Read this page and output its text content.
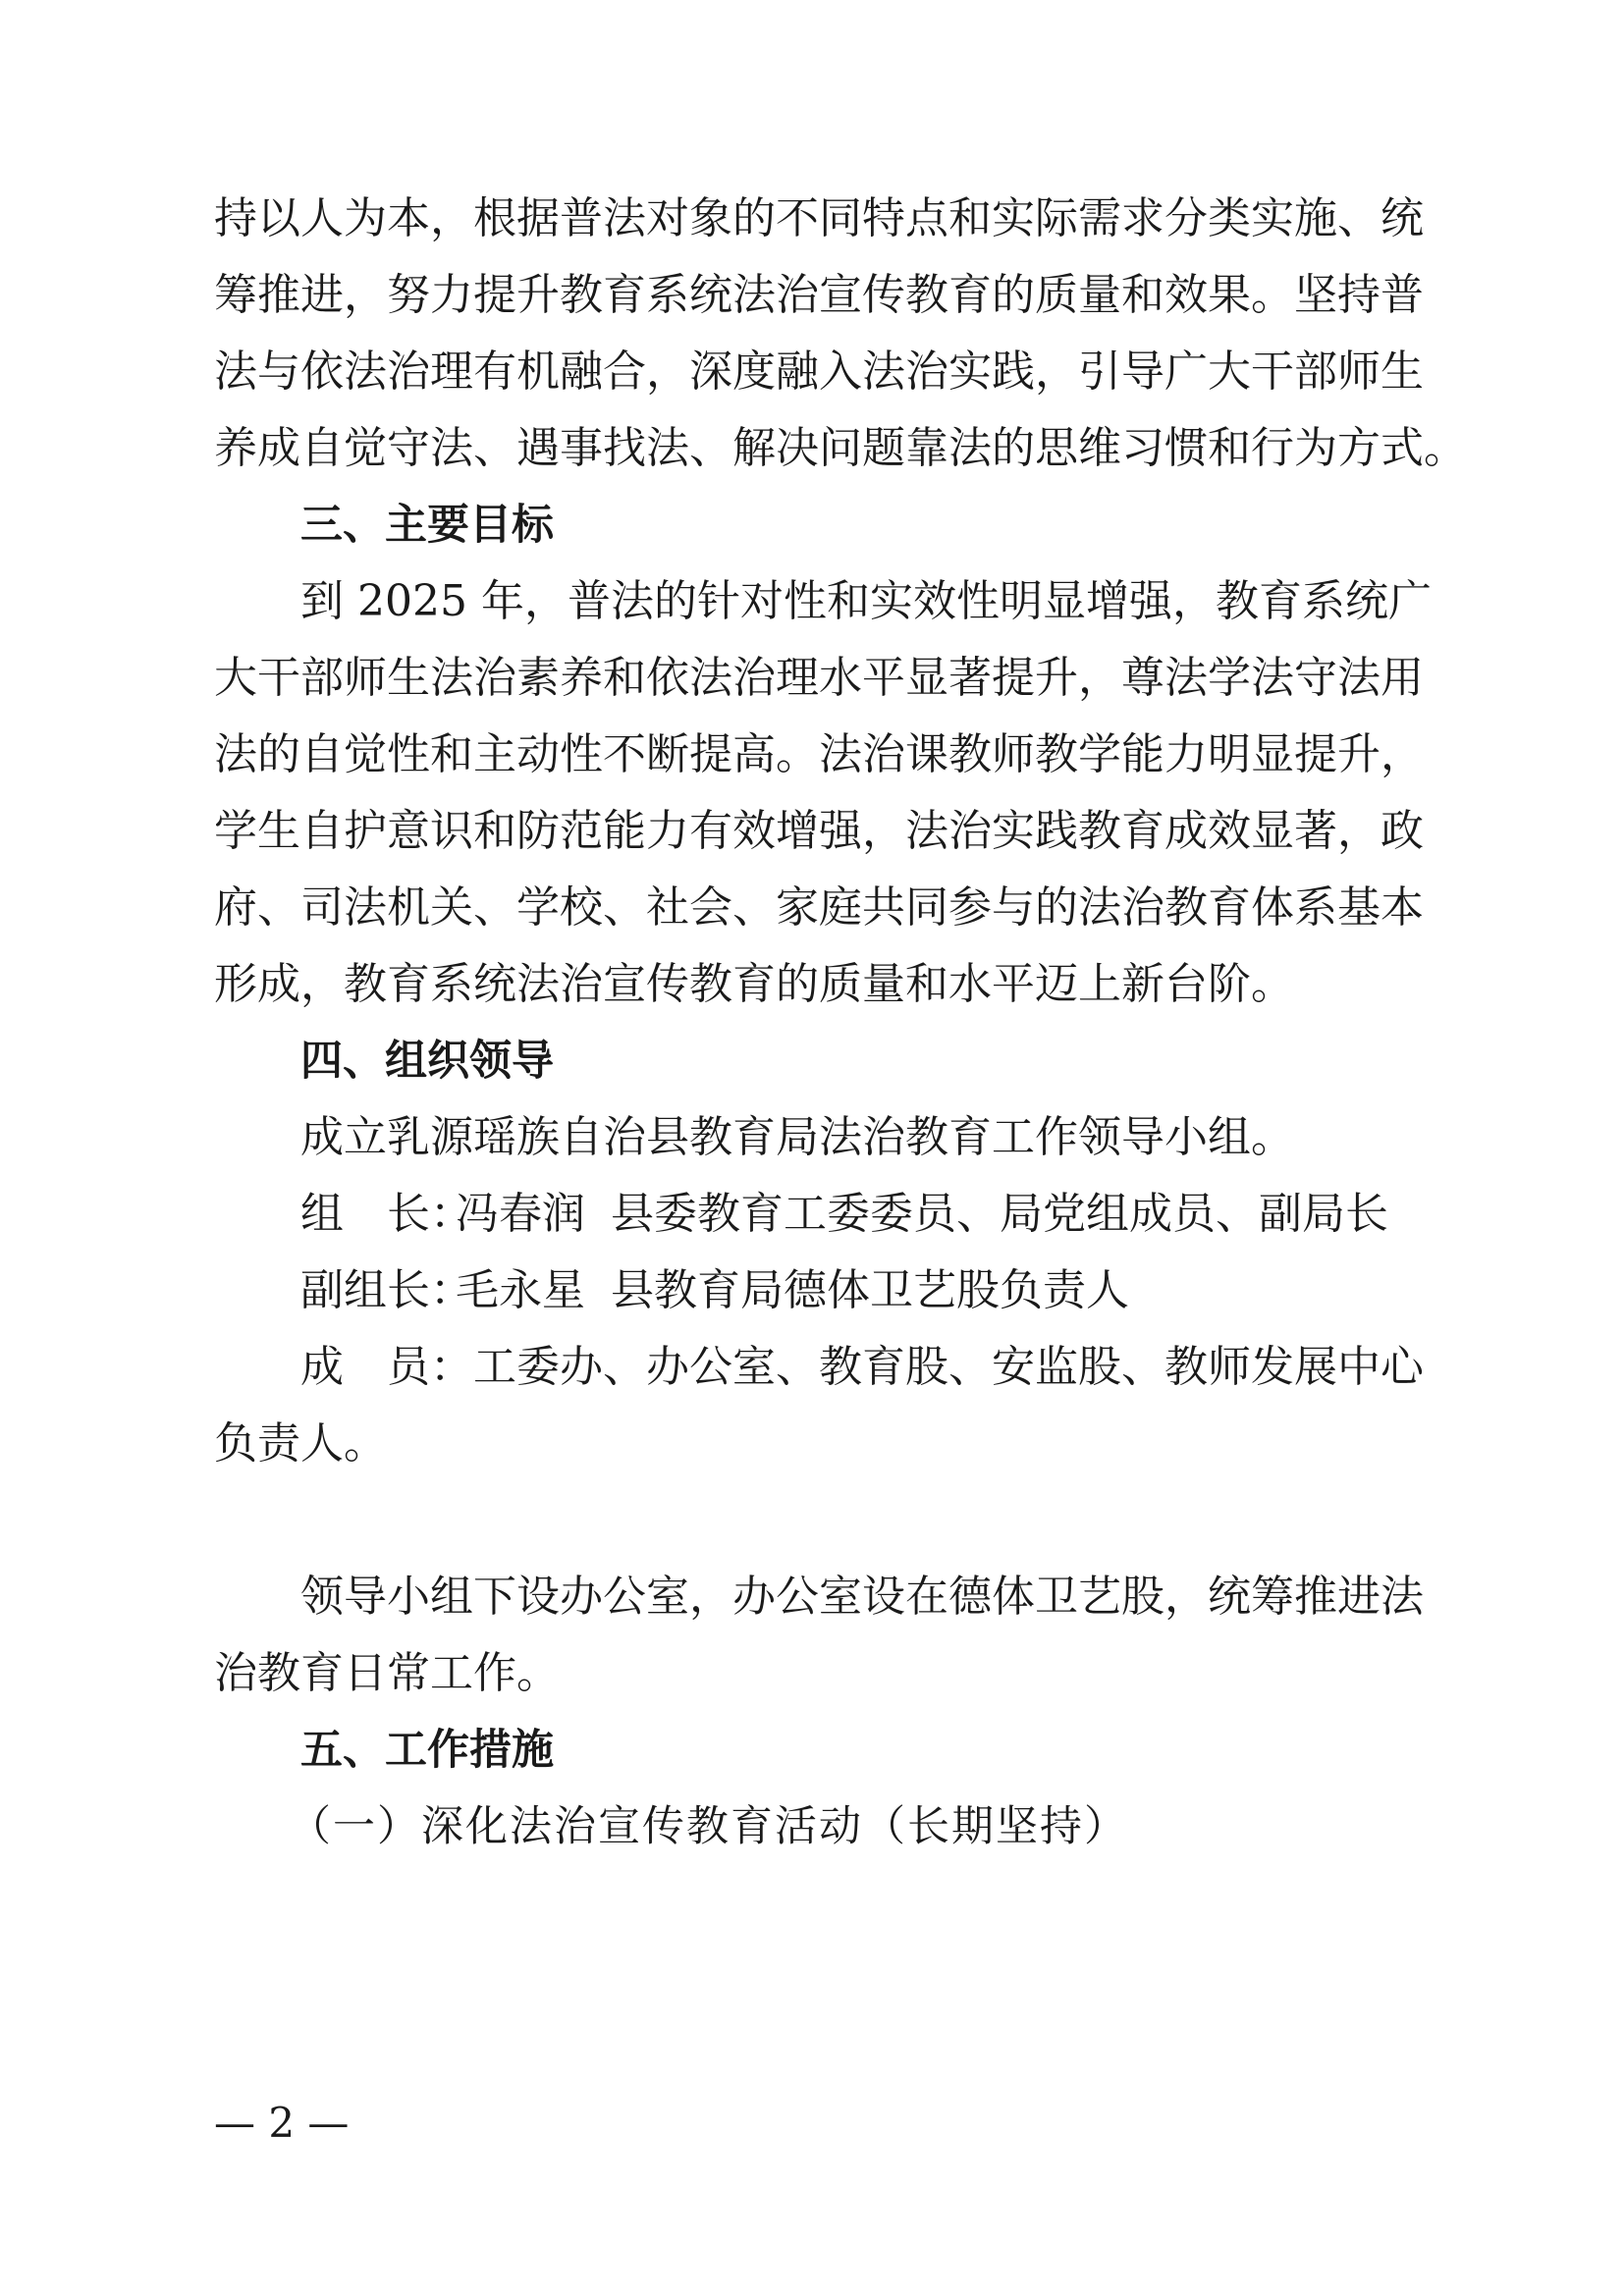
持以人为本，根据普法对象的不同特点和实际需求分类实施、统
筹推进，努力提升教育系统法治宣传教育的质量和效果。坚持普
法与依法治理有机融合，深度融入法治实践，引导广大干部师生
养成自觉守法、遇事找法、解决问题靠法的思维习惯和行为方式。
三、主要目标
到 2025 年，普法的针对性和实效性明显增强，教育系统广
大干部师生法治素养和依法治理水平显著提升，尊法学法守法用
法的自觉性和主动性不断提高。法治课教师教学能力明显提升，
学生自护意识和防范能力有效增强，法治实践教育成效显著，政
府、司法机关、学校、社会、家庭共同参与的法治教育体系基本
形成，教育系统法治宣传教育的质量和水平迈上新台阶。
四、组织领导
成立乳源瑶族自治县教育局法治教育工作领导小组。
组　长：冯春润 县委教育工委委员、局党组成员、副局长
副组长：毛永星 县教育局德体卫艺股负责人
成　员：工委办、办公室、教育股、安监股、教师发展中心
负责人。
领导小组下设办公室，办公室设在德体卫艺股，统筹推进法
治教育日常工作。
五、工作措施
（一）深化法治宣传教育活动（长期坚持）
— 2 —
